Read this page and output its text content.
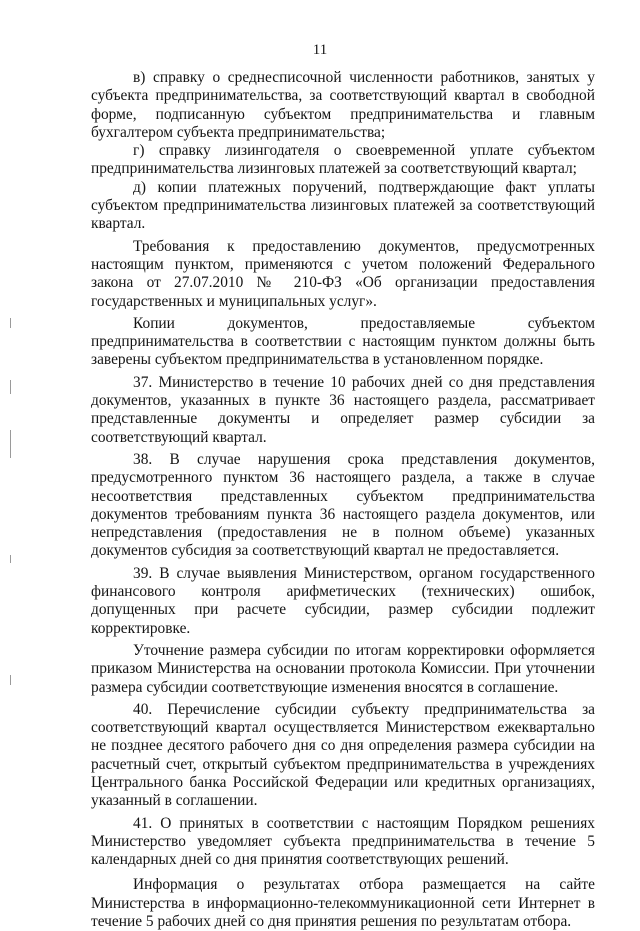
11

в) справку о среднесписочной численности работников, занятых у субъекта предпринимательства, за соответствующий квартал в свободной форме, подписанную субъектом предпринимательства и главным бухгалтером субъекта предпринимательства;

г) справку лизингодателя о своевременной уплате субъектом предпринимательства лизинговых платежей за соответствующий квартал;

д) копии платежных поручений, подтверждающие факт уплаты субъектом предпринимательства лизинговых платежей за соответствующий квартал.

Требования к предоставлению документов, предусмотренных настоящим пунктом, применяются с учетом положений Федерального закона от 27.07.2010 № 210-ФЗ «Об организации предоставления государственных и муниципальных услуг».

Копии документов, предоставляемые субъектом предпринимательства в соответствии с настоящим пунктом должны быть заверены субъектом предпринимательства в установленном порядке.

37. Министерство в течение 10 рабочих дней со дня представления документов, указанных в пункте 36 настоящего раздела, рассматривает представленные документы и определяет размер субсидии за соответствующий квартал.

38. В случае нарушения срока представления документов, предусмотренного пунктом 36 настоящего раздела, а также в случае несоответствия представленных субъектом предпринимательства документов требованиям пункта 36 настоящего раздела документов, или непредставления (предоставления не в полном объеме) указанных документов субсидия за соответствующий квартал не предоставляется.

39. В случае выявления Министерством, органом государственного финансового контроля арифметических (технических) ошибок, допущенных при расчете субсидии, размер субсидии подлежит корректировке.

Уточнение размера субсидии по итогам корректировки оформляется приказом Министерства на основании протокола Комиссии. При уточнении размера субсидии соответствующие изменения вносятся в соглашение.

40. Перечисление субсидии субъекту предпринимательства за соответствующий квартал осуществляется Министерством ежеквартально не позднее десятого рабочего дня со дня определения размера субсидии на расчетный счет, открытый субъектом предпринимательства в учреждениях Центрального банка Российской Федерации или кредитных организациях, указанный в соглашении.

41. О принятых в соответствии с настоящим Порядком решениях Министерство уведомляет субъекта предпринимательства в течение 5 календарных дней со дня принятия соответствующих решений.

Информация о результатах отбора размещается на сайте Министерства в информационно-телекоммуникационной сети Интернет в течение 5 рабочих дней со дня принятия решения по результатам отбора.
